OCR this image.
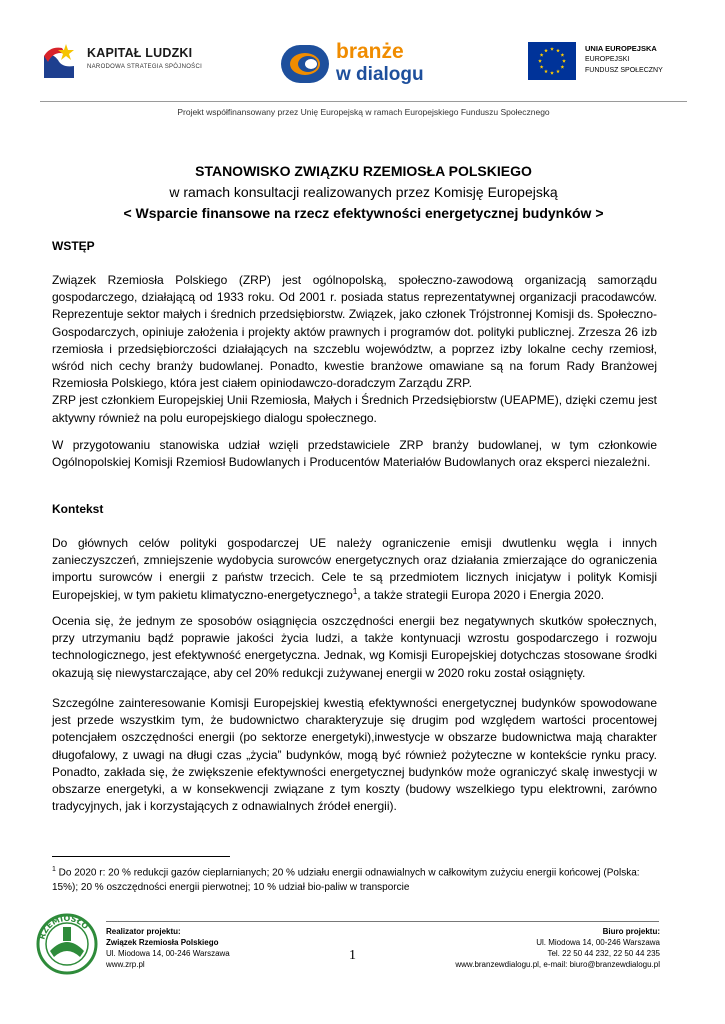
KAPITAŁ LUDZKI
NARODOWA STRATEGIA SPÓJNOŚCI
branże
w dialogu
UNIA EUROPEJSKA
EUROPEJSKI
FUNDUSZ SPOŁECZNY
Projekt współfinansowany przez Unię Europejską w ramach Europejskiego Funduszu Społecznego
STANOWISKO ZWIĄZKU RZEMIOSŁA POLSKIEGO
w ramach konsultacji realizowanych przez Komisję Europejską
< Wsparcie finansowe na rzecz efektywności energetycznej budynków >
WSTĘP
Związek Rzemiosła Polskiego (ZRP) jest ogólnopolską, społeczno-zawodową organizacją samorządu gospodarczego, działającą od 1933 roku. Od 2001 r. posiada status reprezentatywnej organizacji pracodawców. Reprezentuje sektor małych i średnich przedsiębiorstw. Związek, jako członek Trójstronnej Komisji ds. Społeczno-Gospodarczych, opiniuje założenia i projekty aktów prawnych i programów dot. polityki publicznej. Zrzesza 26 izb rzemiosła i przedsiębiorczości działających na szczeblu województw, a poprzez izby lokalne cechy rzemiosł, wśród nich cechy branży budowlanej. Ponadto, kwestie branżowe omawiane są na forum Rady Branżowej Rzemiosła Polskiego, która jest ciałem opiniodawczo-doradczym Zarządu ZRP.
ZRP jest członkiem Europejskiej Unii Rzemiosła, Małych i Średnich Przedsiębiorstw (UEAPME), dzięki czemu jest aktywny również na polu europejskiego dialogu społecznego.
W przygotowaniu stanowiska udział wzięli przedstawiciele ZRP branży budowlanej, w tym członkowie Ogólnopolskiej Komisji Rzemiosł Budowlanych i Producentów Materiałów Budowlanych oraz eksperci niezależni.
Kontekst
Do głównych celów polityki gospodarczej UE należy ograniczenie emisji dwutlenku węgla i innych zanieczyszczeń, zmniejszenie wydobycia surowców energetycznych oraz działania zmierzające do ograniczenia importu surowców i energii z państw trzecich. Cele te są przedmiotem licznych inicjatyw i polityk Komisji Europejskiej, w tym pakietu klimatyczno-energetycznego$^1$, a także strategii Europa 2020 i Energia 2020.
Ocenia się, że jednym ze sposobów osiągnięcia oszczędności energii bez negatywnych skutków społecznych, przy utrzymaniu bądź poprawie jakości życia ludzi, a także kontynuacji wzrostu gospodarczego i rozwoju technologicznego, jest efektywność energetyczna. Jednak, wg Komisji Europejskiej dotychczas stosowane środki okazują się niewystarczające, aby cel 20% redukcji zużywanej energii w 2020 roku został osiągnięty.
Szczególne zainteresowanie Komisji Europejskiej kwestią efektywności energetycznej budynków spowodowane jest przede wszystkim tym, że budownictwo charakteryzuje się drugim pod względem wartości procentowej potencjałem oszczędności energii (po sektorze energetyki),inwestycje w obszarze budownictwa mają charakter długofalowy, z uwagi na długi czas „życia” budynków, mogą być również pożyteczne w kontekście rynku pracy. Ponadto, zakłada się, że zwiększenie efektywności energetycznej budynków może ograniczyć skalę inwestycji w obszarze energetyki, a w konsekwencji związane z tym koszty (budowy wszelkiego typu elektrowni, zarówno tradycyjnych, jak i korzystających z odnawialnych źródeł energii).
$^1$ Do 2020 r: 20 % redukcji gazów cieplarnianych; 20 % udziału energii odnawialnych w całkowitym zużyciu energii końcowej (Polska: 15%); 20 % oszczędności energii pierwotnej; 10 % udział bio-paliw w transporcie
RZEMIOSŁO
Realizator projektu:
Związek Rzemiosła Polskiego
Ul. Miodowa 14, 00-246 Warszawa
www.zrp.pl
1
Biuro projektu:
Ul. Miodowa 14, 00-246 Warszawa
Tel. 22 50 44 232, 22 50 44 235
www.branzewdialogu.pl, e-mail: biuro@branzewdialogu.pl
